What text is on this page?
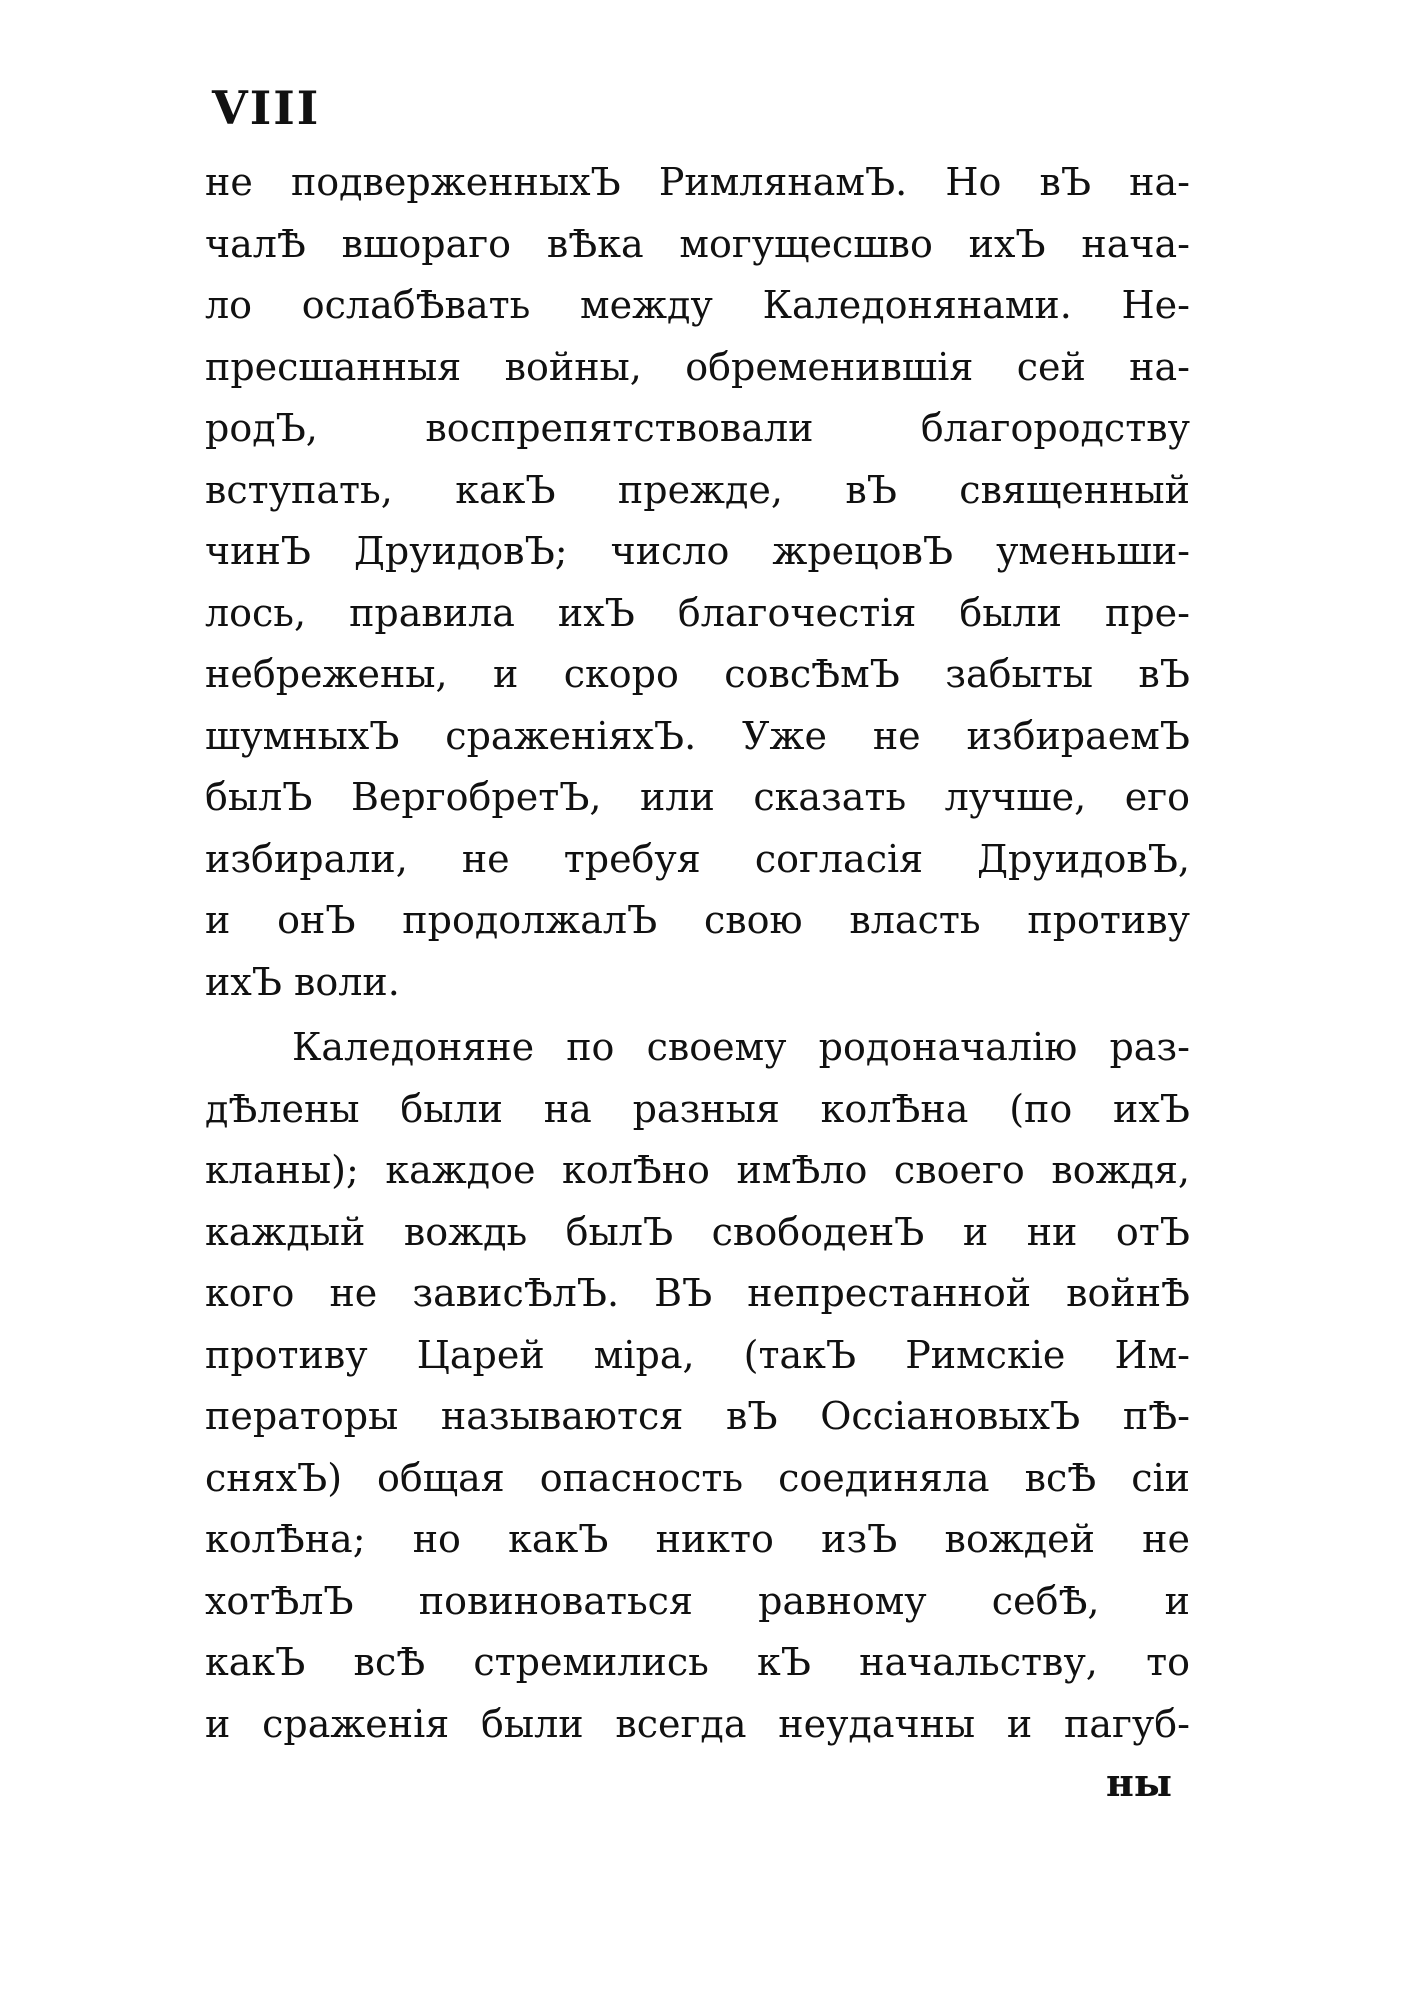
VIII
не подверженныхЪ РимлянамЪ. Но вЪ на-
чалѢ вшораго вѢка могущесшво ихЪ нача-
ло ослабѢвать между Каледонянами. Не-
пресшанныя войны, обременившія сей на-
родЪ, воспрепятствовали благородству
вступать, какЪ прежде, вЪ священный
чинЪ ДруидовЪ; число жрецовЪ уменьши-
лось, правила ихЪ благочестія были пре-
небрежены, и скоро совсѢмЪ забыты вЪ
шумныхЪ сраженіяхЪ. Уже не избираемЪ
былЪ ВергобретЪ, или сказать лучше, его
избирали, не требуя согласія ДруидовЪ,
и онЪ продолжалЪ свою власть противу
ихЪ воли.
Каледоняне по своему родоначалію раз-
дѢлены были на разныя колѢна (по ихЪ
кланы); каждое колѢно имѢло своего вождя,
каждый вождь былЪ свободенЪ и ни отЪ
кого не зависѢлЪ. ВЪ непрестанной войнѢ
противу Царей міра, (такЪ Римскіе Им-
ператоры называются вЪ ОссіановыхЪ пѢ-
сняхЪ) общая опасность соединяла всѢ сіи
колѢна; но какЪ никто изЪ вождей не
хотѢлЪ повиноваться равному себѢ, и
какЪ всѢ стремились кЪ начальству, то
и сраженія были всегда неудачны и пагуб-
ны
